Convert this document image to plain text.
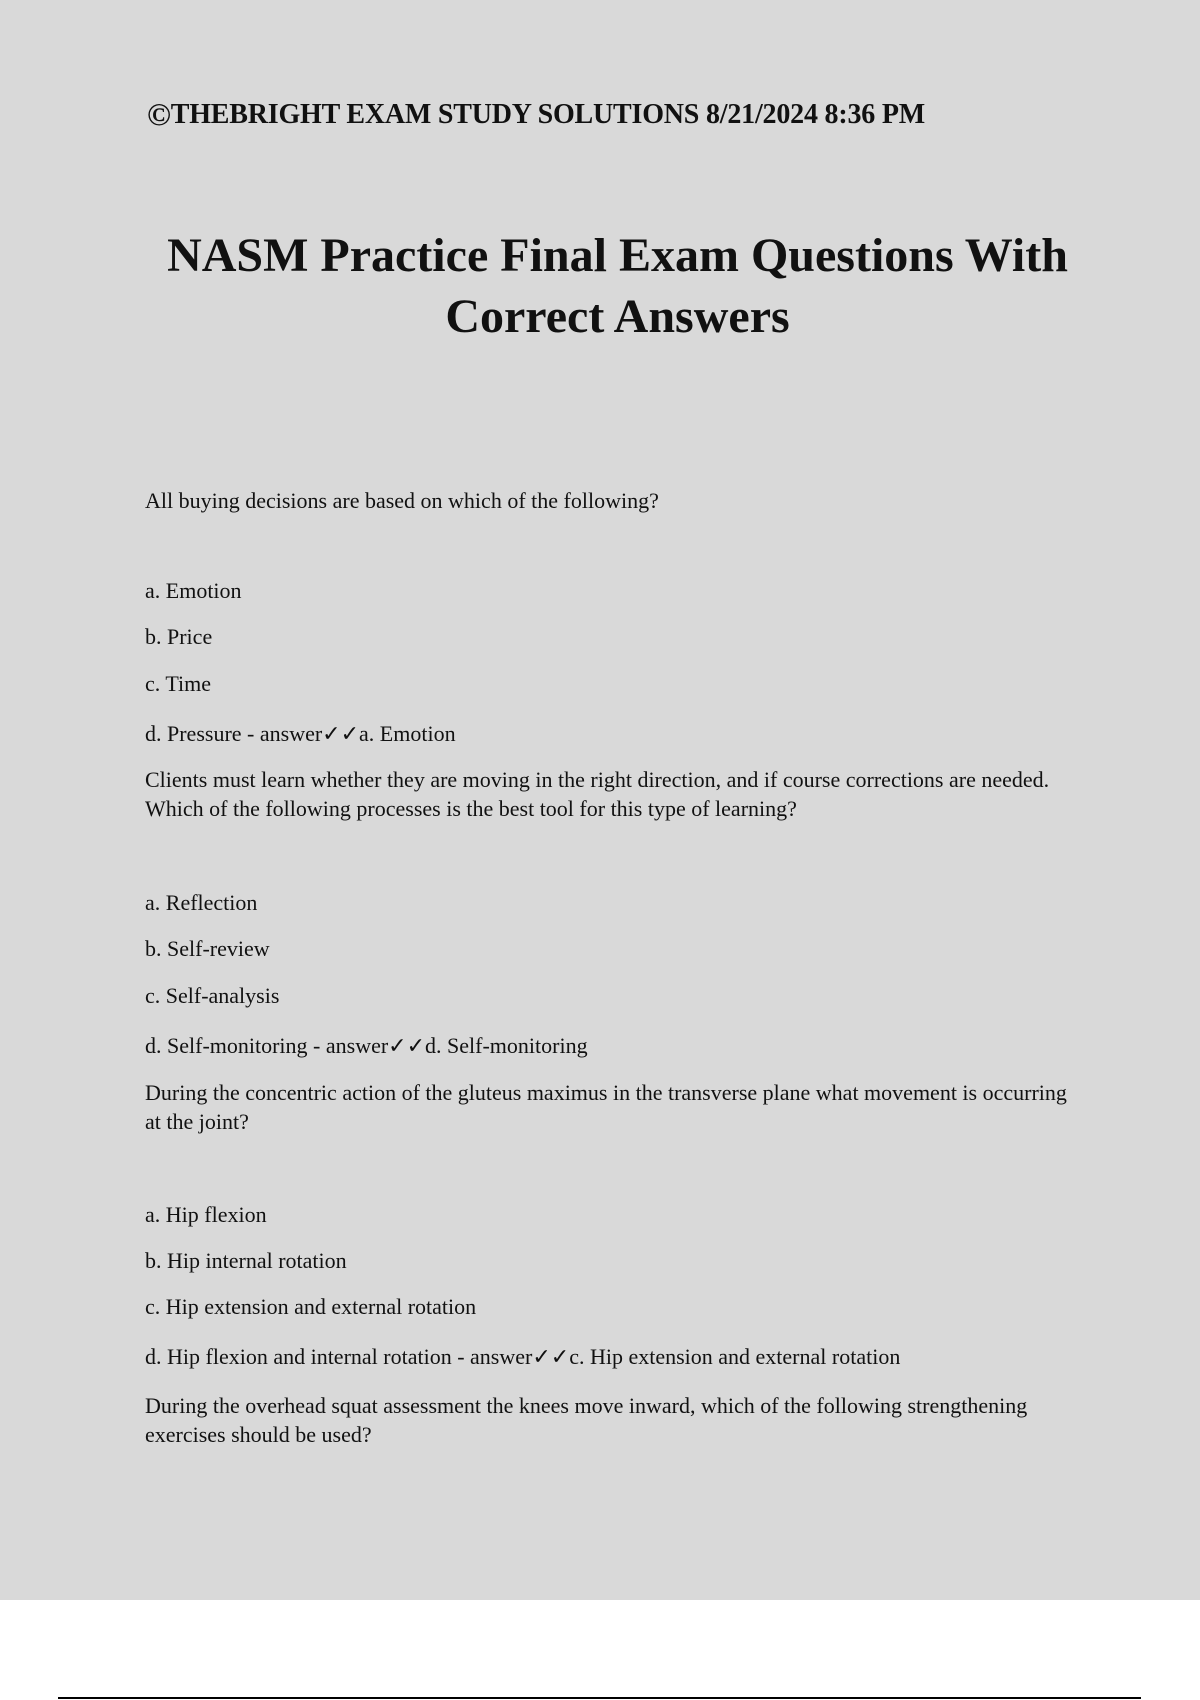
©THEBRIGHT EXAM STUDY SOLUTIONS 8/21/2024 8:36 PM
NASM Practice Final Exam Questions With
Correct Answers

All buying decisions are based on which of the following?

a. Emotion

b. Price

c. Time

d. Pressure - answer✓✓a. Emotion

Clients must learn whether they are moving in the right direction, and if course corrections are needed. Which of the following processes is the best tool for this type of learning?

a. Reflection

b. Self-review

c. Self-analysis

d. Self-monitoring - answer✓✓d. Self-monitoring

During the concentric action of the gluteus maximus in the transverse plane what movement is occurring at the joint?

a. Hip flexion

b. Hip internal rotation

c. Hip extension and external rotation

d. Hip flexion and internal rotation - answer✓✓c. Hip extension and external rotation

During the overhead squat assessment the knees move inward, which of the following strengthening exercises should be used?
